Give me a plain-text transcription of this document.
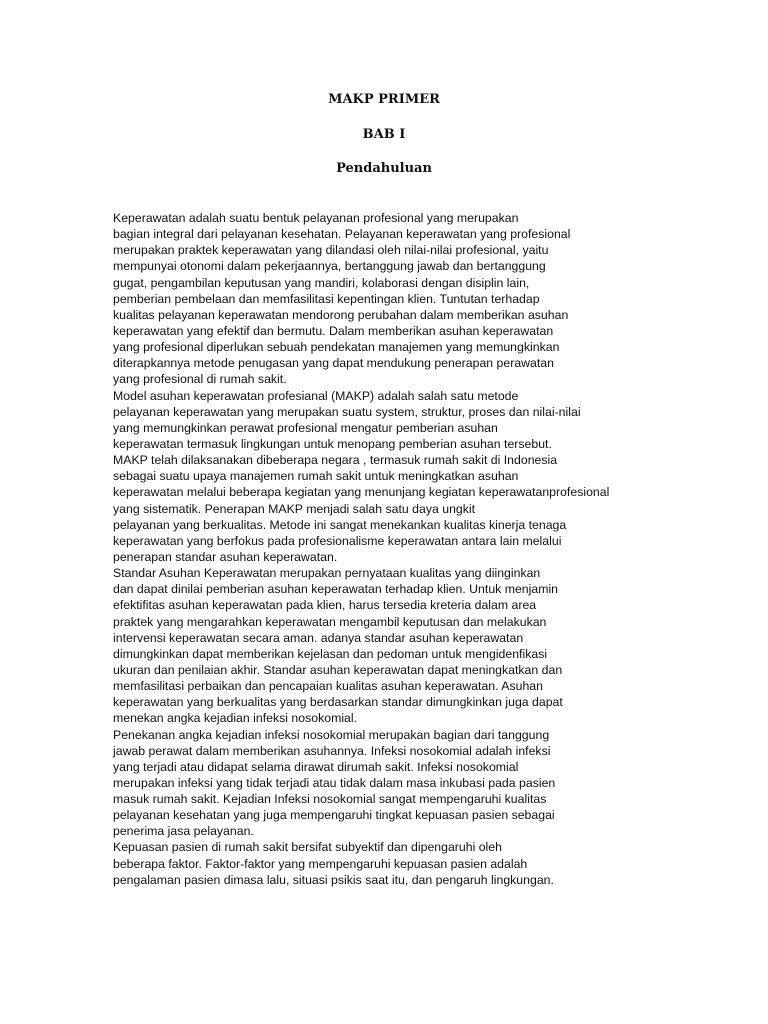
MAKP PRIMER
BAB I
Pendahuluan
Keperawatan adalah suatu bentuk pelayanan profesional yang merupakan
bagian integral dari pelayanan kesehatan. Pelayanan keperawatan yang profesional
merupakan praktek keperawatan yang dilandasi oleh nilai-nilai profesional, yaitu
mempunyai otonomi dalam pekerjaannya, bertanggung jawab dan bertanggung
gugat, pengambilan keputusan yang mandiri, kolaborasi dengan disiplin lain,
pemberian pembelaan dan memfasilitasi kepentingan klien. Tuntutan terhadap
kualitas pelayanan keperawatan mendorong perubahan dalam memberikan asuhan
keperawatan yang efektif dan bermutu. Dalam memberikan asuhan keperawatan
yang profesional diperlukan sebuah pendekatan manajemen yang memungkinkan
diterapkannya metode penugasan yang dapat mendukung penerapan perawatan
yang profesional di rumah sakit.
Model asuhan keperawatan profesianal (MAKP) adalah salah satu metode
pelayanan keperawatan yang merupakan suatu system, struktur, proses dan nilai-nilai
yang memungkinkan perawat profesional mengatur pemberian asuhan
keperawatan termasuk lingkungan untuk menopang pemberian asuhan tersebut.
MAKP telah dilaksanakan dibeberapa negara , termasuk rumah sakit di Indonesia
sebagai suatu upaya manajemen rumah sakit untuk meningkatkan asuhan
keperawatan melalui beberapa kegiatan yang menunjang kegiatan keperawatanprofesional
yang sistematik. Penerapan MAKP menjadi salah satu daya ungkit
pelayanan yang berkualitas. Metode ini sangat menekankan kualitas kinerja tenaga
keperawatan yang berfokus pada profesionalisme keperawatan antara lain melalui
penerapan standar asuhan keperawatan.
Standar Asuhan Keperawatan merupakan pernyataan kualitas yang diinginkan
dan dapat dinilai pemberian asuhan keperawatan terhadap klien. Untuk menjamin
efektifitas asuhan keperawatan pada klien, harus tersedia kreteria dalam area
praktek yang mengarahkan keperawatan mengambil keputusan dan melakukan
intervensi keperawatan secara aman. adanya standar asuhan keperawatan
dimungkinkan dapat memberikan kejelasan dan pedoman untuk mengidenfikasi
ukuran dan penilaian akhir. Standar asuhan keperawatan dapat meningkatkan dan
memfasilitasi perbaikan dan pencapaian kualitas asuhan keperawatan. Asuhan
keperawatan yang berkualitas yang berdasarkan standar dimungkinkan juga dapat
menekan angka kejadian infeksi nosokomial.
Penekanan angka kejadian infeksi nosokomial merupakan bagian dari tanggung
jawab perawat dalam memberikan asuhannya. Infeksi nosokomial adalah infeksi
yang terjadi atau didapat selama dirawat dirumah sakit. Infeksi nosokomial
merupakan infeksi yang tidak terjadi atau tidak dalam masa inkubasi pada pasien
masuk rumah sakit. Kejadian Infeksi nosokomial sangat mempengaruhi kualitas
pelayanan kesehatan yang juga mempengaruhi tingkat kepuasan pasien sebagai
penerima jasa pelayanan.
Kepuasan pasien di rumah sakit bersifat subyektif dan dipengaruhi oleh
beberapa faktor. Faktor-faktor yang mempengaruhi kepuasan pasien adalah
pengalaman pasien dimasa lalu, situasi psikis saat itu, dan pengaruh lingkungan.
